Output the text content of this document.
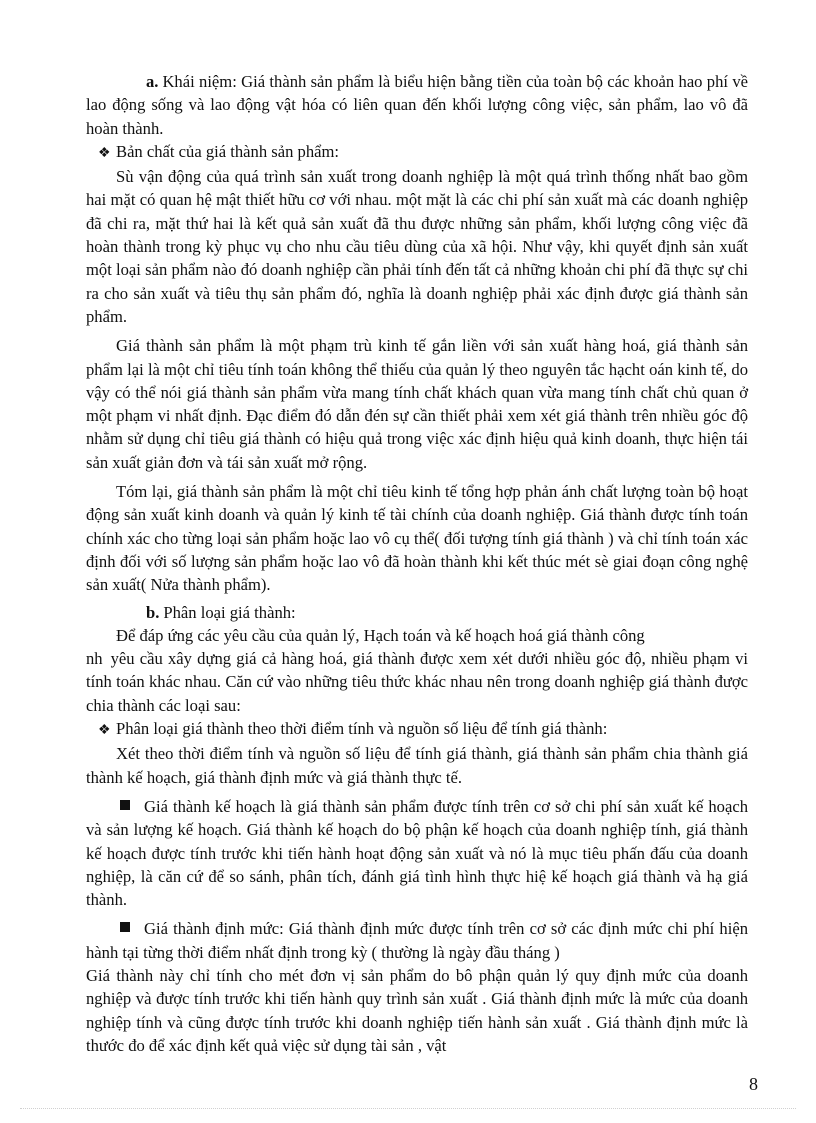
a. Khái niệm: Giá thành sản phẩm là biểu hiện bằng tiền của toàn bộ các khoản hao phí về lao động sống và lao động vật hóa có liên quan đến khối lượng công việc, sản phẩm, lao vô đã hoàn thành.

❖ Bản chất của giá thành sản phẩm:

Sù vận động của quá trình sản xuất trong doanh nghiệp là một quá trình thống nhất bao gồm hai mặt có quan hệ mật thiết hữu cơ với nhau. một mặt là các chi phí sản xuất mà các doanh nghiệp đã chi ra, mặt thứ hai là kết quả sản xuất đã thu được những sản phẩm, khối lượng công việc đã hoàn thành trong kỳ phục vụ cho nhu cầu tiêu dùng của xã hội. Như vậy, khi quyết định sản xuất một loại sản phẩm nào đó doanh nghiệp cần phải tính đến tất cả những khoản chi phí đã thực sự chi ra cho sản xuất và tiêu thụ sản phẩm đó, nghĩa là doanh nghiệp phải xác định được giá thành sản phẩm.

Giá thành sản phẩm là một phạm trù kinh tế gắn liền với sản xuất hàng hoá, giá thành sản phẩm lại là một chỉ tiêu tính toán không thể thiếu của quản lý theo nguyên tắc hạcht oán kinh tế, do vậy có thể nói giá thành sản phẩm vừa mang tính chất khách quan vừa mang tính chất chủ quan ở một phạm vi nhất định. Đạc điểm đó dẫn đén sự cần thiết phải xem xét giá thành trên nhiều góc độ nhằm sử dụng chỉ tiêu giá thành có hiệu quả trong việc xác định hiệu quả kinh doanh, thực hiện tái sản xuất giản đơn và tái sản xuất mở rộng.

Tóm lại, giá thành sản phẩm là một chỉ tiêu kinh tế tổng hợp phản ánh chất lượng toàn bộ hoạt động sản xuất kinh doanh và quản lý kinh tế tài chính của doanh nghiệp. Giá thành được tính toán chính xác cho từng loại sản phẩm hoặc lao vô cụ thể( đối tượng tính giá thành ) và chỉ tính toán xác định đối với số lượng sản phẩm hoặc lao vô đã hoàn thành khi kết thúc mét sè giai đoạn công nghệ sản xuất( Nửa thành phẩm).

b. Phân loại giá thành:

Để đáp ứng các yêu cầu của quản lý, Hạch toán và kế hoạch hoá giá thành công

nh yêu cầu xây dựng giá cả hàng hoá, giá thành được xem xét dưới nhiều góc độ, nhiều phạm vi tính toán khác nhau. Căn cứ vào những tiêu thức khác nhau nên trong doanh nghiệp giá thành được chia thành các loại sau:

❖ Phân loại giá thành theo thời điểm tính và nguồn số liệu để tính giá thành:

Xét theo thời điểm tính và nguồn số liệu để tính giá thành, giá thành sản phẩm chia thành giá thành kế hoạch, giá thành định mức và giá thành thực tế.

Giá thành kế hoạch là giá thành sản phẩm được tính trên cơ sở chi phí sản xuất kế hoạch và sản lượng kế hoạch. Giá thành kế hoạch do bộ phận kế hoạch của doanh nghiệp tính, giá thành kế hoạch được tính trước khi tiến hành hoạt động sản xuất và nó là mục tiêu phấn đấu của doanh nghiệp, là căn cứ để so sánh, phân tích, đánh giá tình hình thực hiệ kế hoạch giá thành và hạ giá thành.

Giá thành định mức: Giá thành định mức được tính trên cơ sở các định mức chi phí hiện hành tại từng thời điểm nhất định trong kỳ ( thường là ngày đầu tháng )

Giá thành này chỉ tính cho mét đơn vị sản phẩm do bô phận quản lý quy định mức của doanh nghiệp và được tính trước khi tiến hành quy trình sản xuất . Giá thành định mức là mức của doanh nghiệp tính và cũng được tính trước khi doanh nghiệp tiến hành sản xuất . Giá thành định mức là thước đo để xác định kết quả việc sử dụng tài sản , vật

8
